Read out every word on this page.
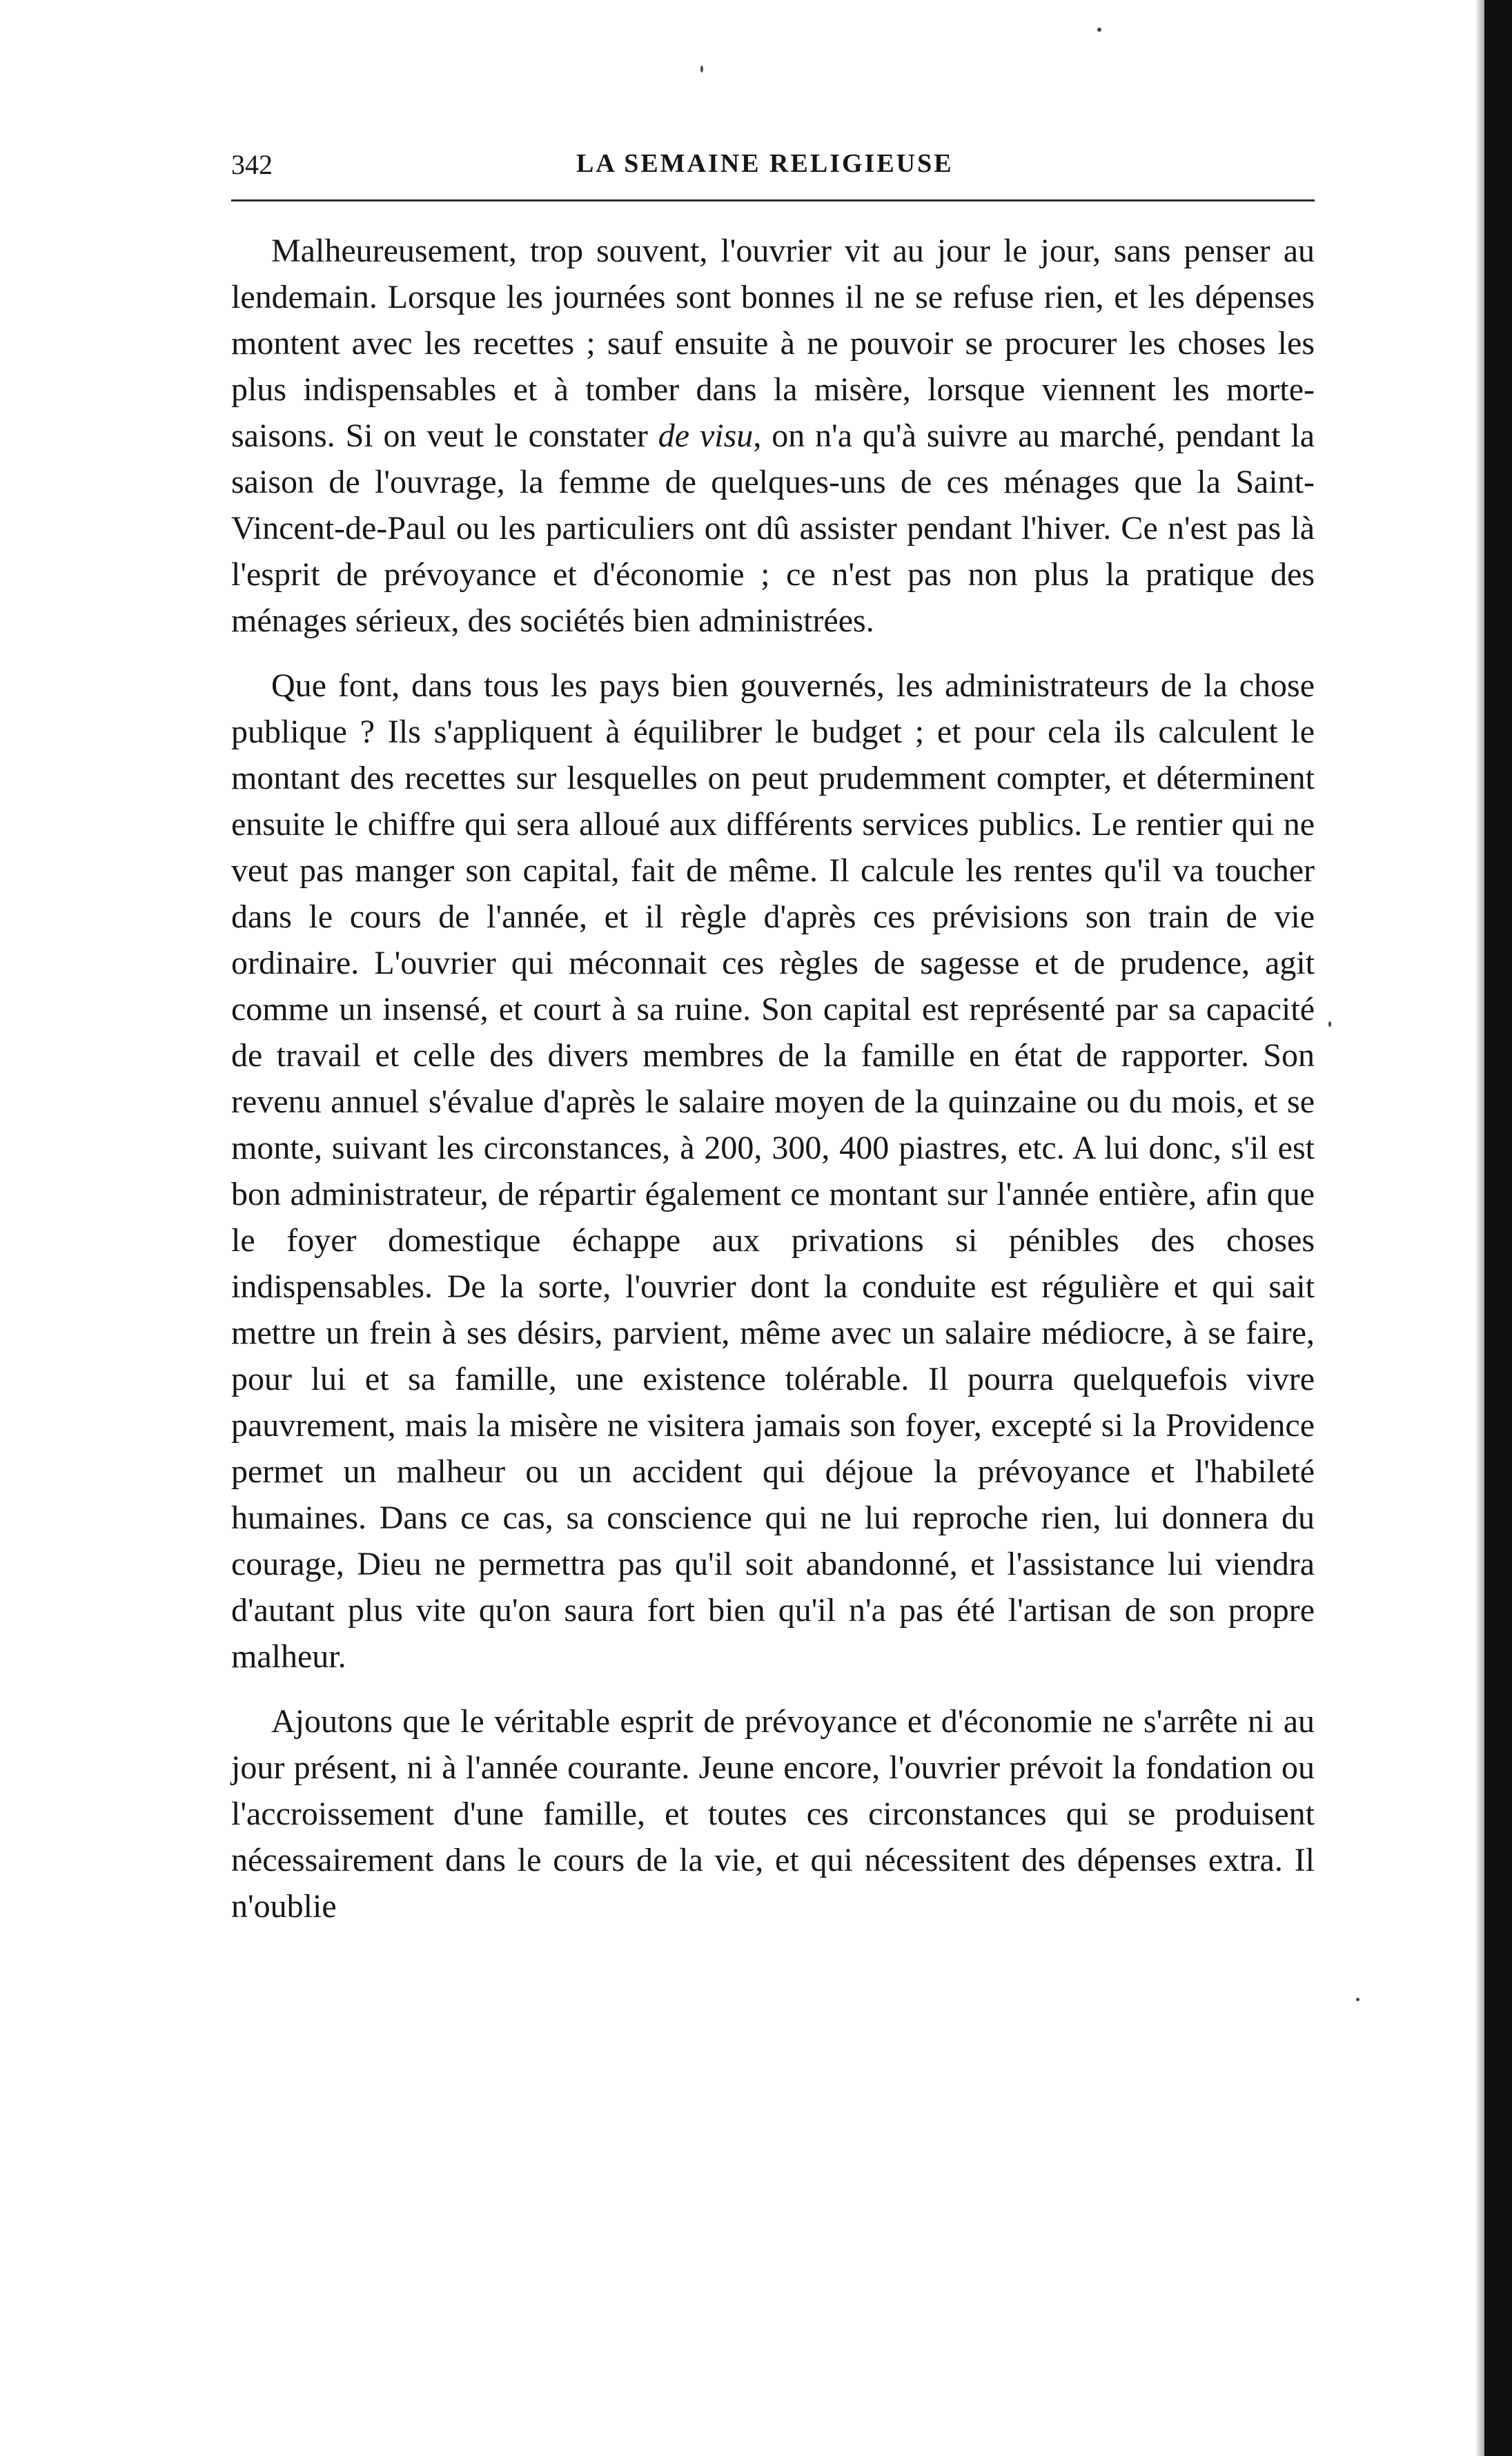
342	LA SEMAINE RELIGIEUSE

Malheureusement, trop souvent, l'ouvrier vit au jour le jour, sans penser au lendemain. Lorsque les journées sont bonnes il ne se refuse rien, et les dépenses montent avec les recettes ; sauf ensuite à ne pouvoir se procurer les choses les plus indispensables et à tomber dans la misère, lorsque viennent les morte-saisons. Si on veut le constater de visu, on n'a qu'à suivre au marché, pendant la saison de l'ouvrage, la femme de quelques-uns de ces ménages que la Saint-Vincent-de-Paul ou les particuliers ont dû assister pendant l'hiver. Ce n'est pas là l'esprit de prévoyance et d'économie ; ce n'est pas non plus la pratique des ménages sérieux, des sociétés bien administrées.

Que font, dans tous les pays bien gouvernés, les administrateurs de la chose publique ? Ils s'appliquent à équilibrer le budget ; et pour cela ils calculent le montant des recettes sur lesquelles on peut prudemment compter, et déterminent ensuite le chiffre qui sera alloué aux différents services publics. Le rentier qui ne veut pas manger son capital, fait de même. Il calcule les rentes qu'il va toucher dans le cours de l'année, et il règle d'après ces prévisions son train de vie ordinaire. L'ouvrier qui méconnait ces règles de sagesse et de prudence, agit comme un insensé, et court à sa ruine. Son capital est représenté par sa capacité de travail et celle des divers membres de la famille en état de rapporter. Son revenu annuel s'évalue d'après le salaire moyen de la quinzaine ou du mois, et se monte, suivant les circonstances, à 200, 300, 400 piastres, etc. A lui donc, s'il est bon administrateur, de répartir également ce montant sur l'année entière, afin que le foyer domestique échappe aux privations si pénibles des choses indispensables. De la sorte, l'ouvrier dont la conduite est régulière et qui sait mettre un frein à ses désirs, parvient, même avec un salaire médiocre, à se faire, pour lui et sa famille, une existence tolérable. Il pourra quelquefois vivre pauvrement, mais la misère ne visitera jamais son foyer, excepté si la Providence permet un malheur ou un accident qui déjoue la prévoyance et l'habileté humaines. Dans ce cas, sa conscience qui ne lui reproche rien, lui donnera du courage, Dieu ne permettra pas qu'il soit abandonné, et l'assistance lui viendra d'autant plus vite qu'on saura fort bien qu'il n'a pas été l'artisan de son propre malheur.

Ajoutons que le véritable esprit de prévoyance et d'économie ne s'arrête ni au jour présent, ni à l'année courante. Jeune encore, l'ouvrier prévoit la fondation ou l'accroissement d'une famille, et toutes ces circonstances qui se produisent nécessairement dans le cours de la vie, et qui nécessitent des dépenses extra. Il n'oublie
